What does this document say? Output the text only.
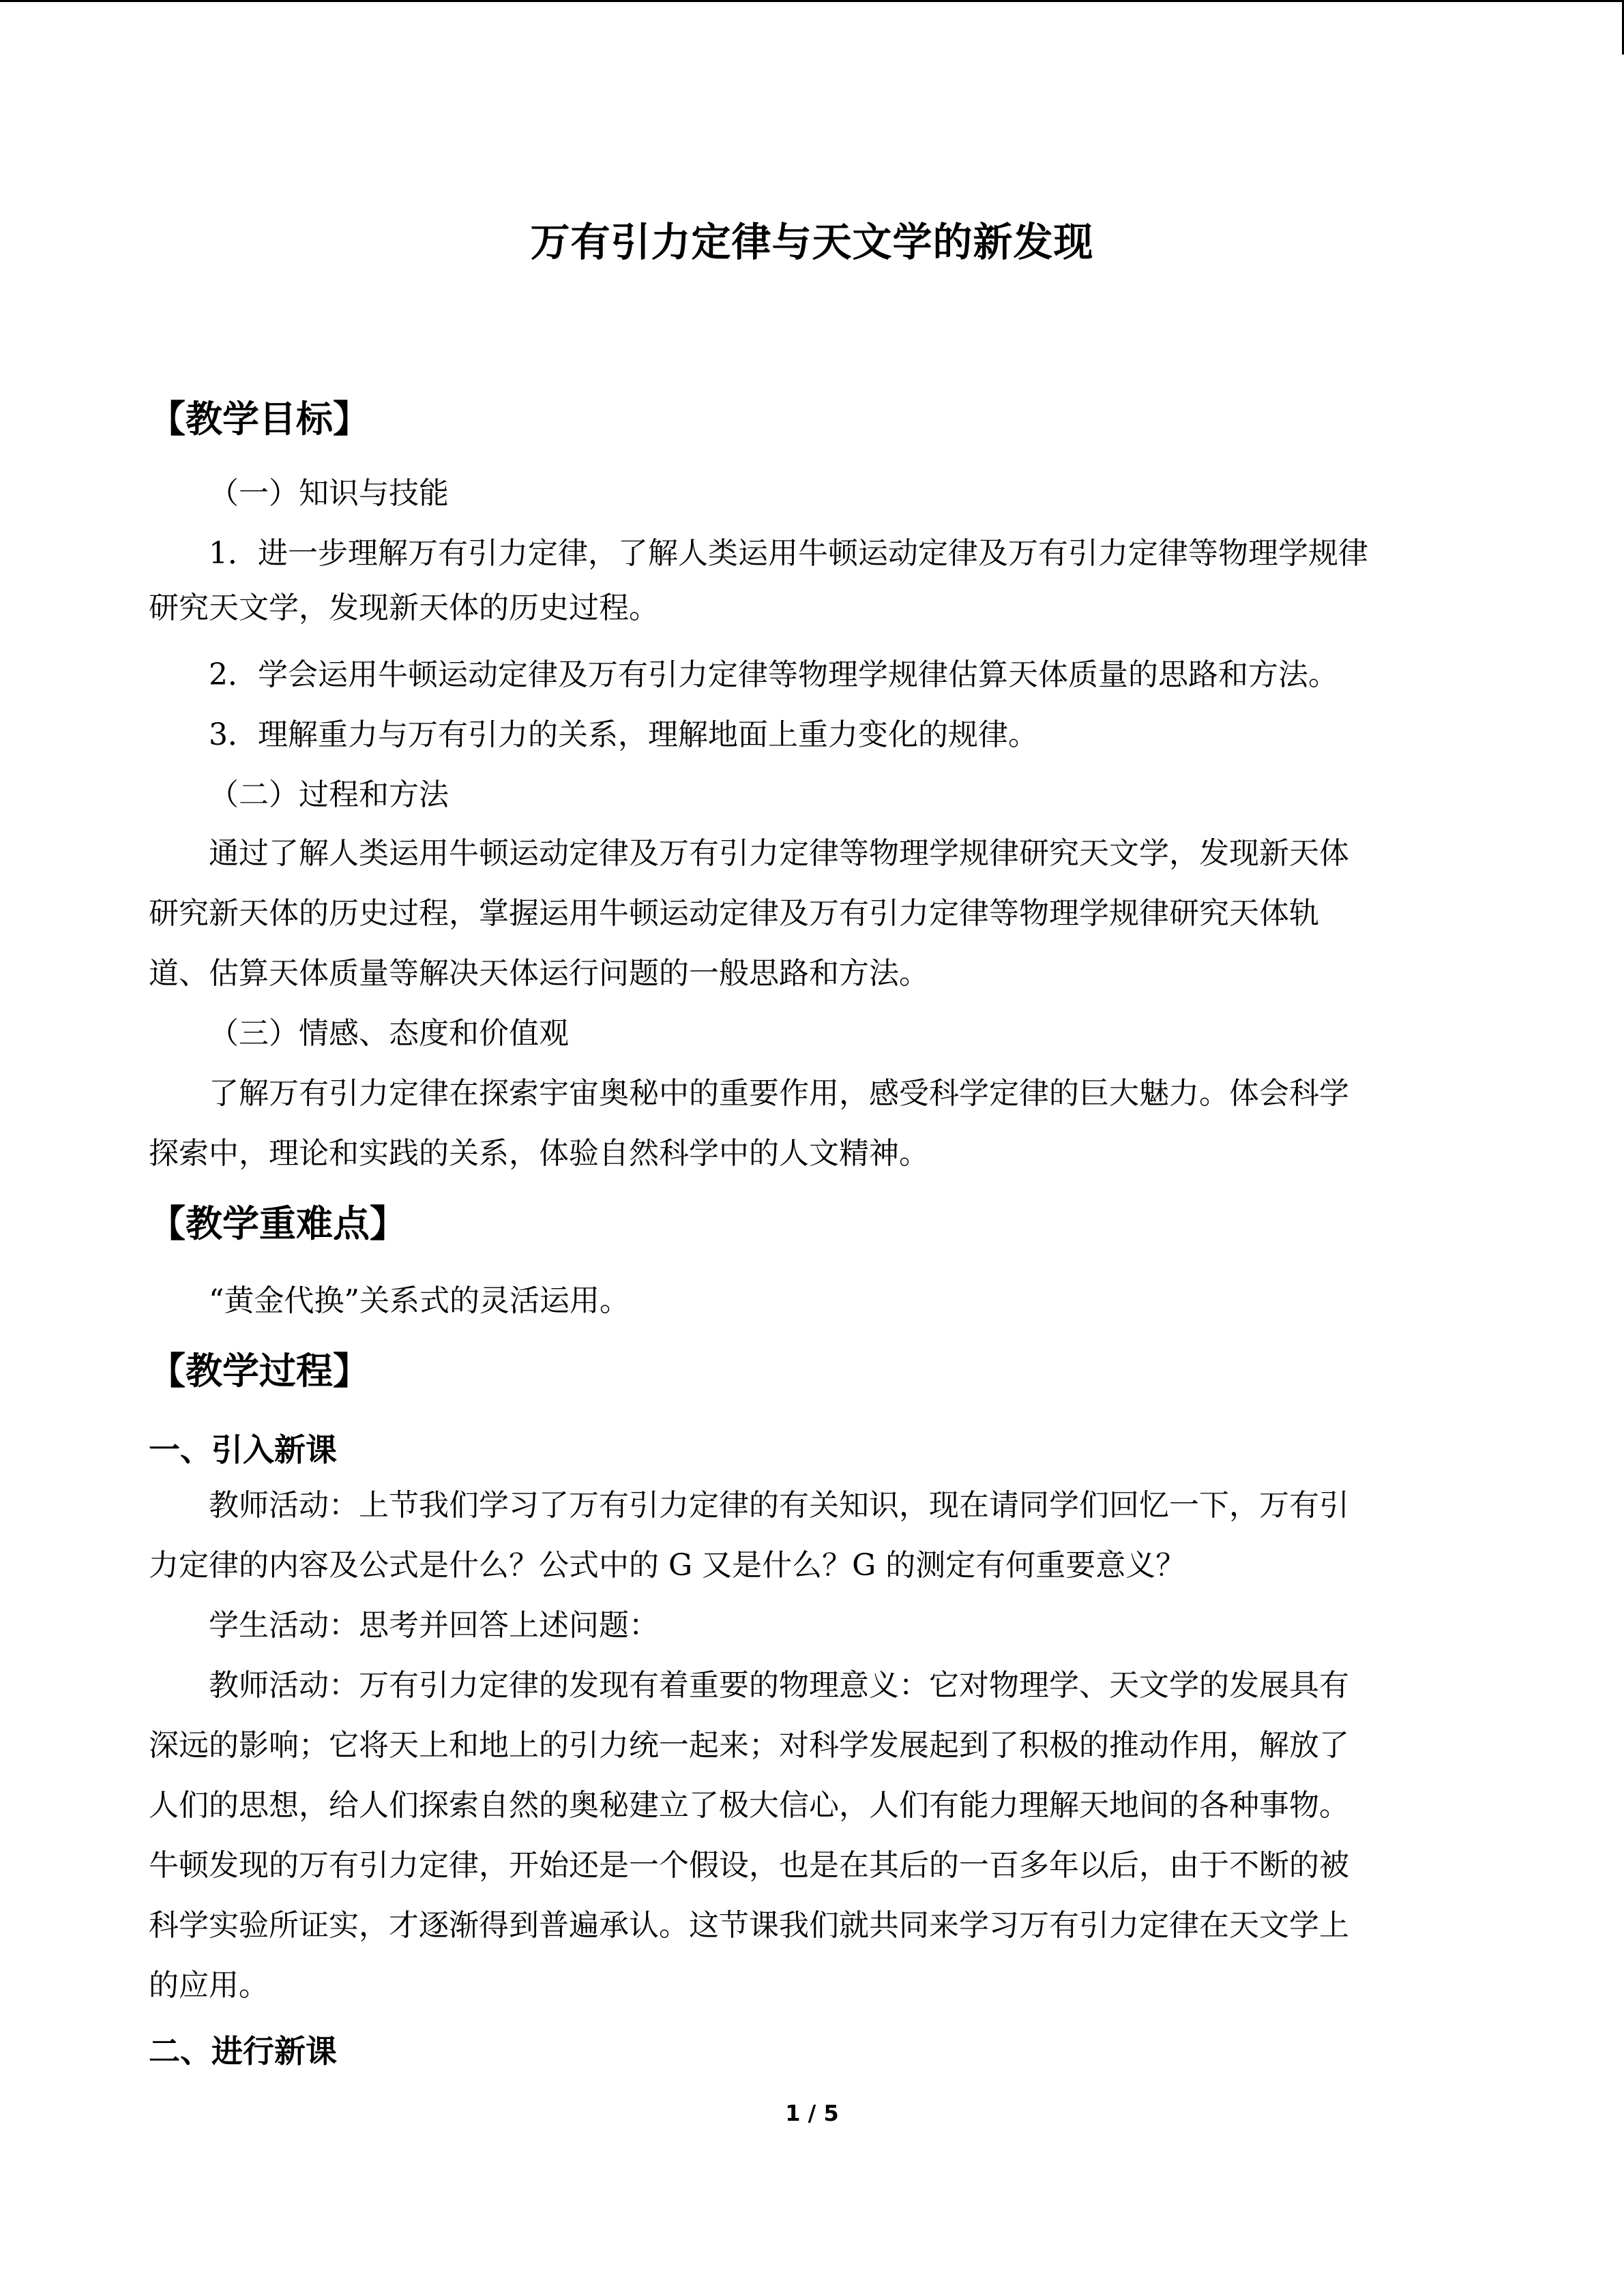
万有引力定律与天文学的新发现
【教学目标】
（一）知识与技能
1．进一步理解万有引力定律，了解人类运用牛顿运动定律及万有引力定律等物理学规律
研究天文学，发现新天体的历史过程。
2．学会运用牛顿运动定律及万有引力定律等物理学规律估算天体质量的思路和方法。
3．理解重力与万有引力的关系，理解地面上重力变化的规律。
（二）过程和方法
通过了解人类运用牛顿运动定律及万有引力定律等物理学规律研究天文学，发现新天体
研究新天体的历史过程，掌握运用牛顿运动定律及万有引力定律等物理学规律研究天体轨
道、估算天体质量等解决天体运行问题的一般思路和方法。
（三）情感、态度和价值观
了解万有引力定律在探索宇宙奥秘中的重要作用，感受科学定律的巨大魅力。体会科学
探索中，理论和实践的关系，体验自然科学中的人文精神。
【教学重难点】
“黄金代换”关系式的灵活运用。
【教学过程】
一、引入新课
教师活动：上节我们学习了万有引力定律的有关知识，现在请同学们回忆一下，万有引
力定律的内容及公式是什么？公式中的 G 又是什么？G 的测定有何重要意义？
学生活动：思考并回答上述问题：
教师活动：万有引力定律的发现有着重要的物理意义：它对物理学、天文学的发展具有
深远的影响；它将天上和地上的引力统一起来；对科学发展起到了积极的推动作用，解放了
人们的思想，给人们探索自然的奥秘建立了极大信心，人们有能力理解天地间的各种事物。
牛顿发现的万有引力定律，开始还是一个假设，也是在其后的一百多年以后，由于不断的被
科学实验所证实，才逐渐得到普遍承认。这节课我们就共同来学习万有引力定律在天文学上
的应用。
二、进行新课
1 / 5
